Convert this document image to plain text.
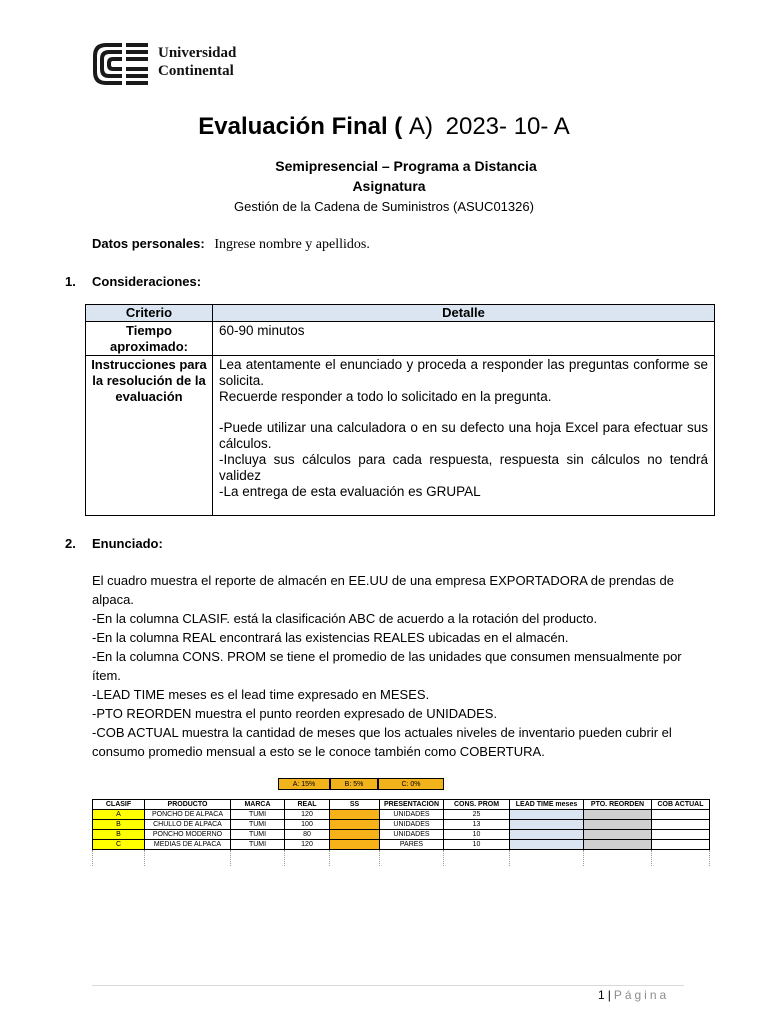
Universidad
Continental
Evaluación Final ( A) 2023- 10- A
Semipresencial – Programa a Distancia
Asignatura
Gestión de la Cadena de Suministros (ASUC01326)
Datos personales: Ingrese nombre y apellidos.
1. Consideraciones:
Criterio	Detalle
Tiempo aproximado:	60-90 minutos
Instrucciones para la resolución de la evaluación	Lea atentamente el enunciado y proceda a responder las preguntas conforme se solicita.

Recuerde responder a todo lo solicitado en la pregunta.

-Puede utilizar una calculadora o en su defecto una hoja Excel para efectuar sus cálculos.

-Incluya sus cálculos para cada respuesta, respuesta sin cálculos no tendrá validez

-La entrega de esta evaluación es GRUPAL

2. Enunciado:

El cuadro muestra el reporte de almacén en EE.UU de una empresa EXPORTADORA de prendas de alpaca.

-En la columna CLASIF. está la clasificación ABC de acuerdo a la rotación del producto.

-En la columna REAL encontrará las existencias REALES ubicadas en el almacén.

-En la columna CONS. PROM se tiene el promedio de las unidades que consumen mensualmente por ítem.

-LEAD TIME meses es el lead time expresado en MESES.

-PTO REORDEN muestra el punto reorden expresado de UNIDADES.

-COB ACTUAL muestra la cantidad de meses que los actuales niveles de inventario pueden cubrir el consumo promedio mensual a esto se le conoce también como COBERTURA.

A: 15%	B: 5%	C: 0%
CLASIF	PRODUCTO	MARCA	REAL	SS	PRESENTACIÓN	CONS. PROM	LEAD TIME meses	PTO. REORDEN	COB ACTUAL
A	PONCHO DE ALPACA	TUMI	120		UNIDADES	25			
B	CHULLO DE ALPACA	TUMI	100		UNIDADES	13			
B	PONCHO MODERNO	TUMI	80		UNIDADES	10			
C	MEDIAS DE ALPACA	TUMI	120		PARES	10			

1 | Página
